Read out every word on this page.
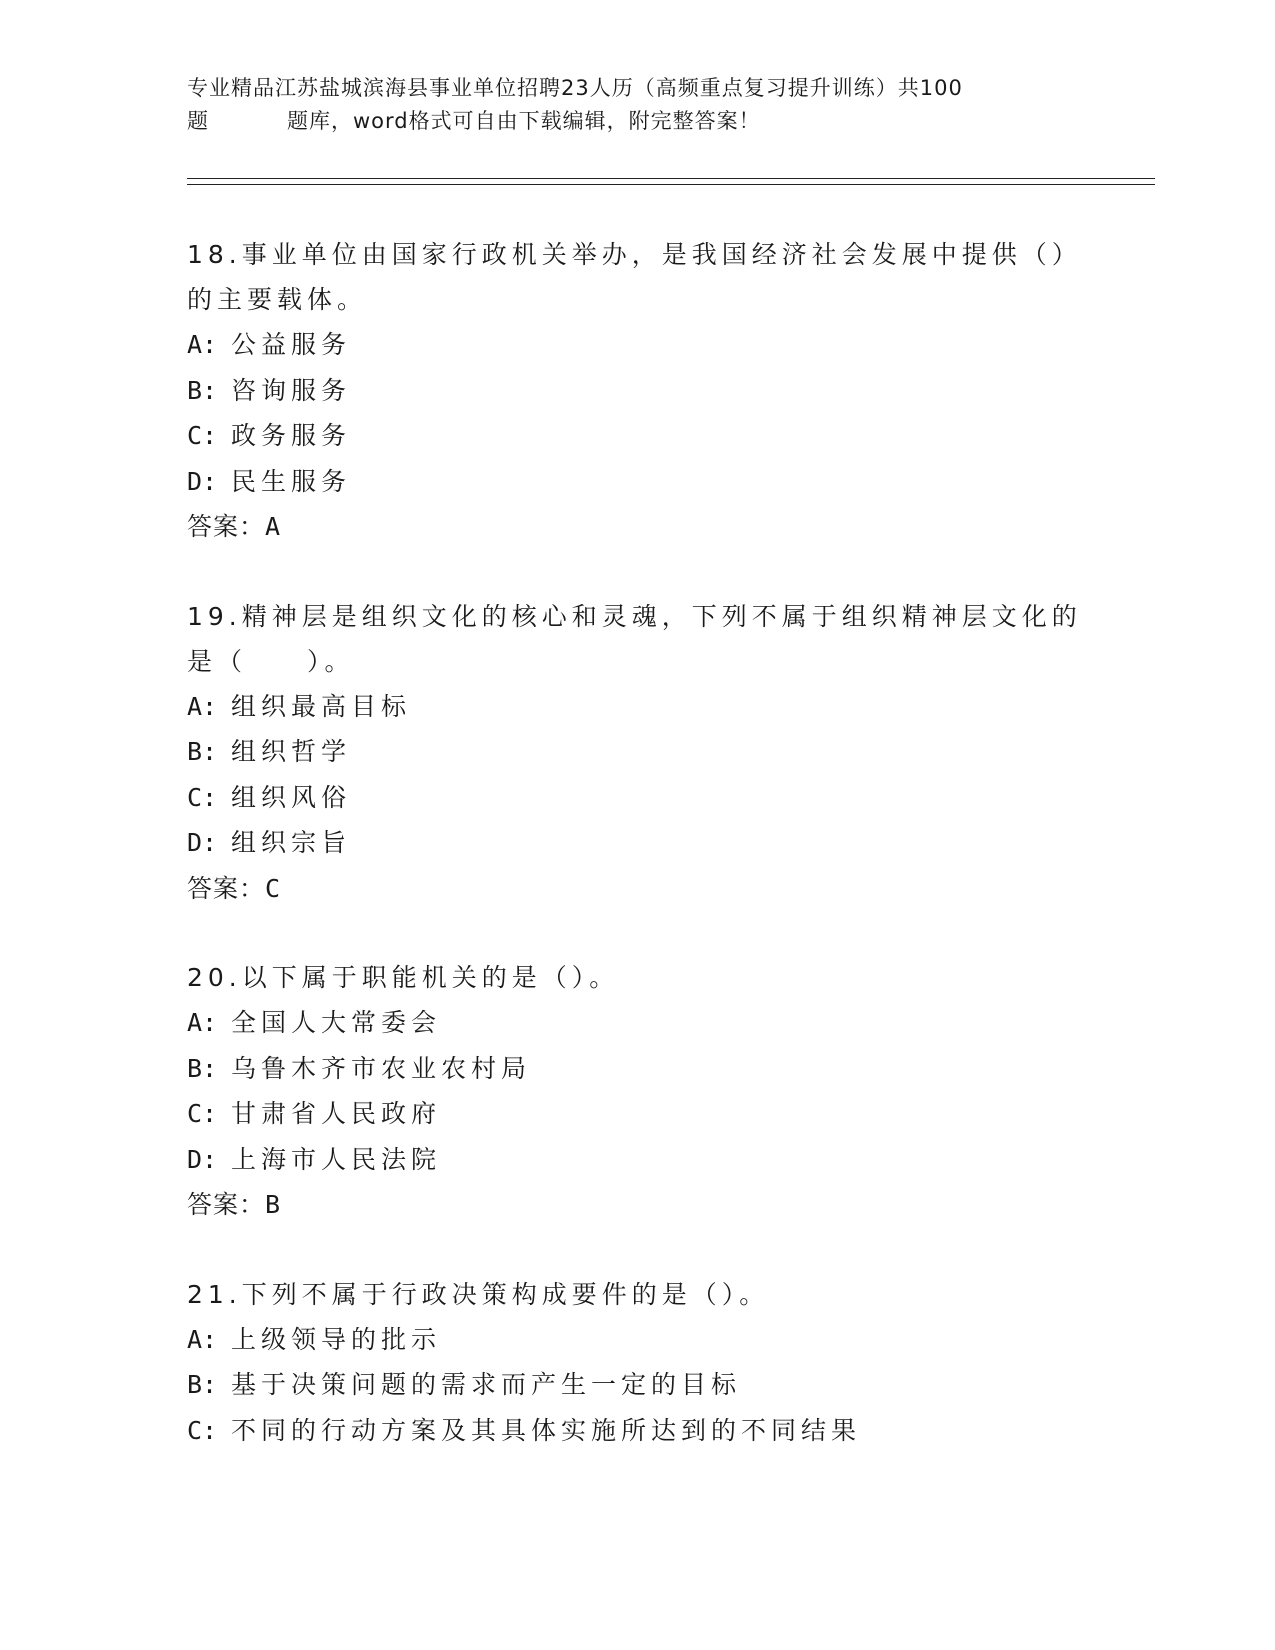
专业精品江苏盐城滨海县事业单位招聘23人历（高频重点复习提升训练）共100
题	题库，word格式可自由下载编辑，附完整答案！

18.事业单位由国家行政机关举办，是我国经济社会发展中提供（）的主要载体。

A: 公益服务
B: 咨询服务
C: 政务服务
D: 民生服务
答案：A

19.精神层是组织文化的核心和灵魂，下列不属于组织精神层文化的是（　　）。

A: 组织最高目标
B: 组织哲学
C: 组织风俗
D: 组织宗旨
答案：C

20.以下属于职能机关的是（）。

A: 全国人大常委会
B: 乌鲁木齐市农业农村局
C: 甘肃省人民政府
D: 上海市人民法院
答案：B

21.下列不属于行政决策构成要件的是（）。

A: 上级领导的批示
B: 基于决策问题的需求而产生一定的目标
C: 不同的行动方案及其具体实施所达到的不同结果
